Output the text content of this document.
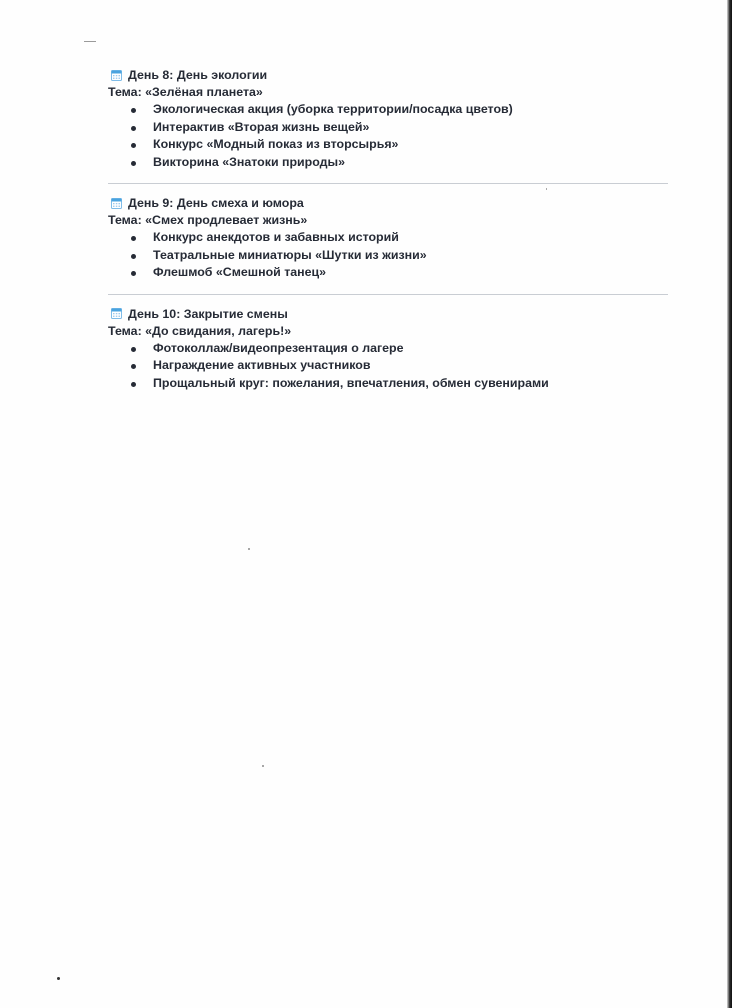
День 8: День экологии
Тема: «Зелёная планета»
Экологическая акция (уборка территории/посадка цветов)
Интерактив «Вторая жизнь вещей»
Конкурс «Модный показ из вторсырья»
Викторина «Знатоки природы»
День 9: День смеха и юмора
Тема: «Смех продлевает жизнь»
Конкурс анекдотов и забавных историй
Театральные миниатюры «Шутки из жизни»
Флешмоб «Смешной танец»
День 10: Закрытие смены
Тема: «До свидания, лагерь!»
Фотоколлаж/видеопрезентация о лагере
Награждение активных участников
Прощальный круг: пожелания, впечатления, обмен сувенирами
